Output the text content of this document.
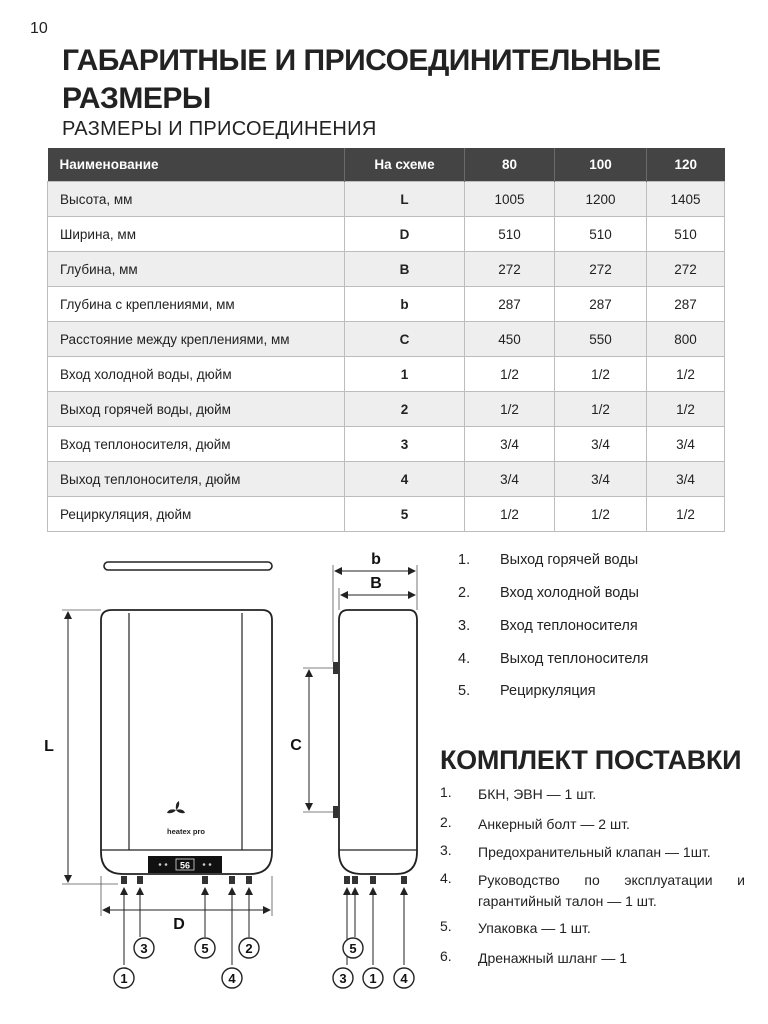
10
ГАБАРИТНЫЕ И ПРИСОЕДИНИТЕЛЬНЫЕ РАЗМЕРЫ
РАЗМЕРЫ И ПРИСОЕДИНЕНИЯ
Наименование	На схеме	80	100	120
Высота, мм	L	1005	1200	1405
Ширина, мм	D	510	510	510
Глубина, мм	B	272	272	272
Глубина с креплениями, мм	b	287	287	287
Расстояние между креплениями, мм	C	450	550	800
Вход холодной воды, дюйм	1	1/2	1/2	1/2
Выход горячей воды, дюйм	2	1/2	1/2	1/2
Вход теплоносителя, дюйм	3	3/4	3/4	3/4
Выход теплоносителя, дюйм	4	3/4	3/4	3/4
Рециркуляция, дюйм	5	1/2	1/2	1/2
heatex pro
56
L
D
3
1
5
4
2
b
B
C
5
3 1 4
1.	Выход горячей воды
2.	Вход холодной воды
3.	Вход теплоносителя
4.	Выход теплоносителя
5.	Рециркуляция
КОМПЛЕКТ ПОСТАВКИ
1. БКН, ЭВН — 1 шт.
2. Анкерный болт — 2 шт.
3. Предохранительный клапан — 1шт.
4. Руководство по эксплуатации и гарантийный талон — 1 шт.
5. Упаковка — 1 шт.
6. Дренажный шланг — 1
